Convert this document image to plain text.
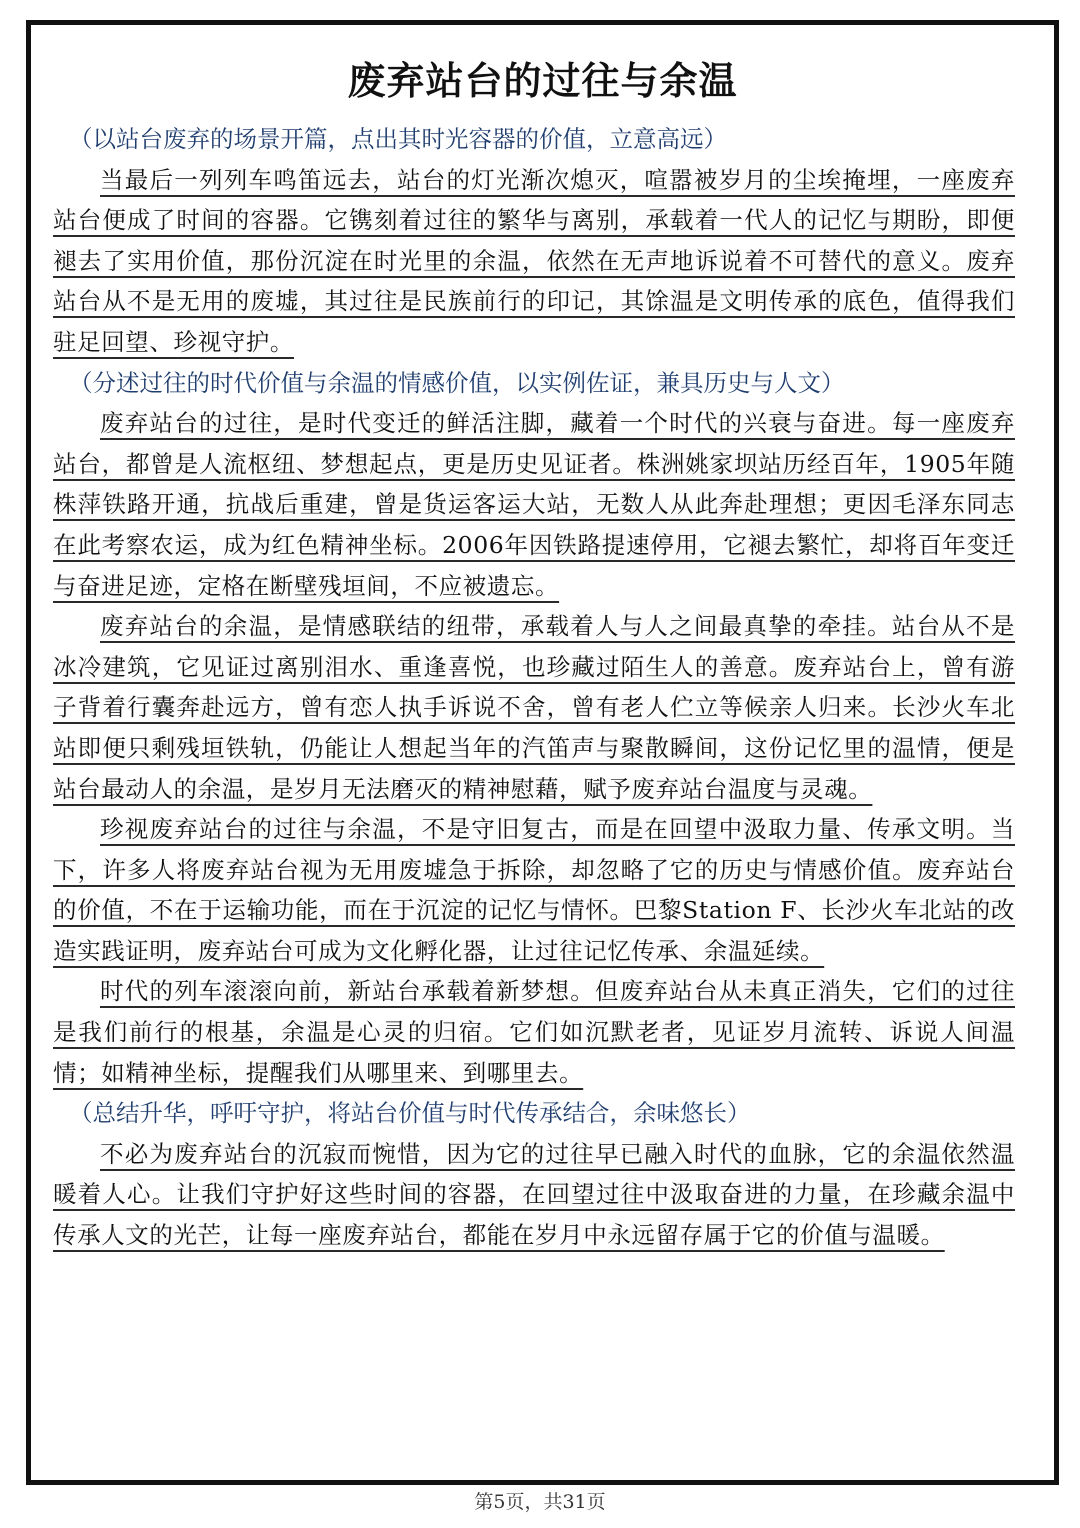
废弃站台的过往与余温

（以站台废弃的场景开篇，点出其时光容器的价值，立意高远）

当最后一列列车鸣笛远去，站台的灯光渐次熄灭，喧嚣被岁月的尘埃掩埋，一座废弃站台便成了时间的容器。它镌刻着过往的繁华与离别，承载着一代人的记忆与期盼，即便褪去了实用价值，那份沉淀在时光里的余温，依然在无声地诉说着不可替代的意义。废弃站台从不是无用的废墟，其过往是民族前行的印记，其馀温是文明传承的底色，值得我们驻足回望、珍视守护。

（分述过往的时代价值与余温的情感价值，以实例佐证，兼具历史与人文）

废弃站台的过往，是时代变迁的鲜活注脚，藏着一个时代的兴衰与奋进。每一座废弃站台，都曾是人流枢纽、梦想起点，更是历史见证者。株洲姚家坝站历经百年，1905年随株萍铁路开通，抗战后重建，曾是货运客运大站，无数人从此奔赴理想；更因毛泽东同志在此考察农运，成为红色精神坐标。2006年因铁路提速停用，它褪去繁忙，却将百年变迁与奋进足迹，定格在断壁残垣间，不应被遗忘。

废弃站台的余温，是情感联结的纽带，承载着人与人之间最真挚的牵挂。站台从不是冰冷建筑，它见证过离别泪水、重逢喜悦，也珍藏过陌生人的善意。废弃站台上，曾有游子背着行囊奔赴远方，曾有恋人执手诉说不舍，曾有老人伫立等候亲人归来。长沙火车北站即便只剩残垣铁轨，仍能让人想起当年的汽笛声与聚散瞬间，这份记忆里的温情，便是站台最动人的余温，是岁月无法磨灭的精神慰藉，赋予废弃站台温度与灵魂。

珍视废弃站台的过往与余温，不是守旧复古，而是在回望中汲取力量、传承文明。当下，许多人将废弃站台视为无用废墟急于拆除，却忽略了它的历史与情感价值。废弃站台的价值，不在于运输功能，而在于沉淀的记忆与情怀。巴黎Station F、长沙火车北站的改造实践证明，废弃站台可成为文化孵化器，让过往记忆传承、余温延续。

时代的列车滚滚向前，新站台承载着新梦想。但废弃站台从未真正消失，它们的过往是我们前行的根基，余温是心灵的归宿。它们如沉默老者，见证岁月流转、诉说人间温情；如精神坐标，提醒我们从哪里来、到哪里去。

（总结升华，呼吁守护，将站台价值与时代传承结合，余味悠长）

不必为废弃站台的沉寂而惋惜，因为它的过往早已融入时代的血脉，它的余温依然温暖着人心。让我们守护好这些时间的容器，在回望过往中汲取奋进的力量，在珍藏余温中传承人文的光芒，让每一座废弃站台，都能在岁月中永远留存属于它的价值与温暖。

第5页，共31页
